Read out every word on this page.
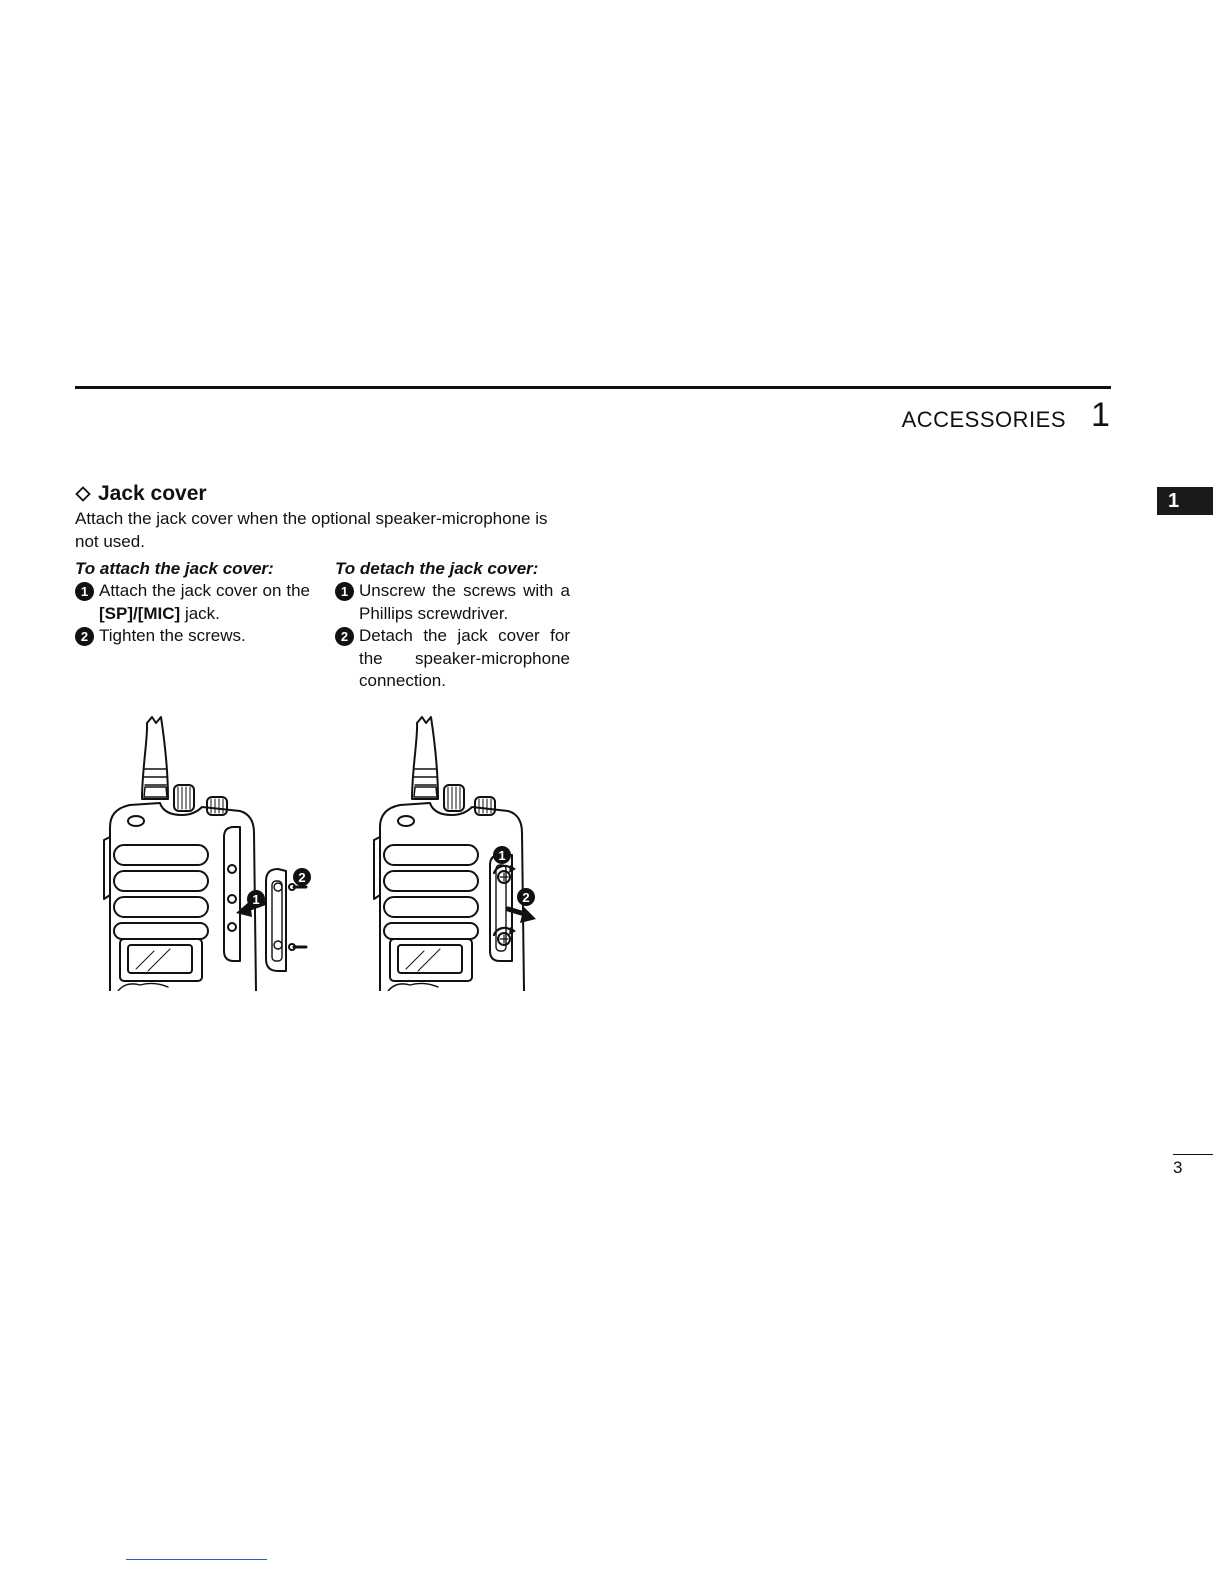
ACCESSORIES 1
1
Jack cover

Attach the jack cover when the optional speaker-microphone is not used.

To attach the jack cover:

1 Attach the jack cover on the [SP]/[MIC] jack.
2 Tighten the screws.

To detach the jack cover:

1 Unscrew the screws with a Phillips screwdriver.
2 Detach the jack cover for the speaker-microphone connection.
1
2
1
2
3
